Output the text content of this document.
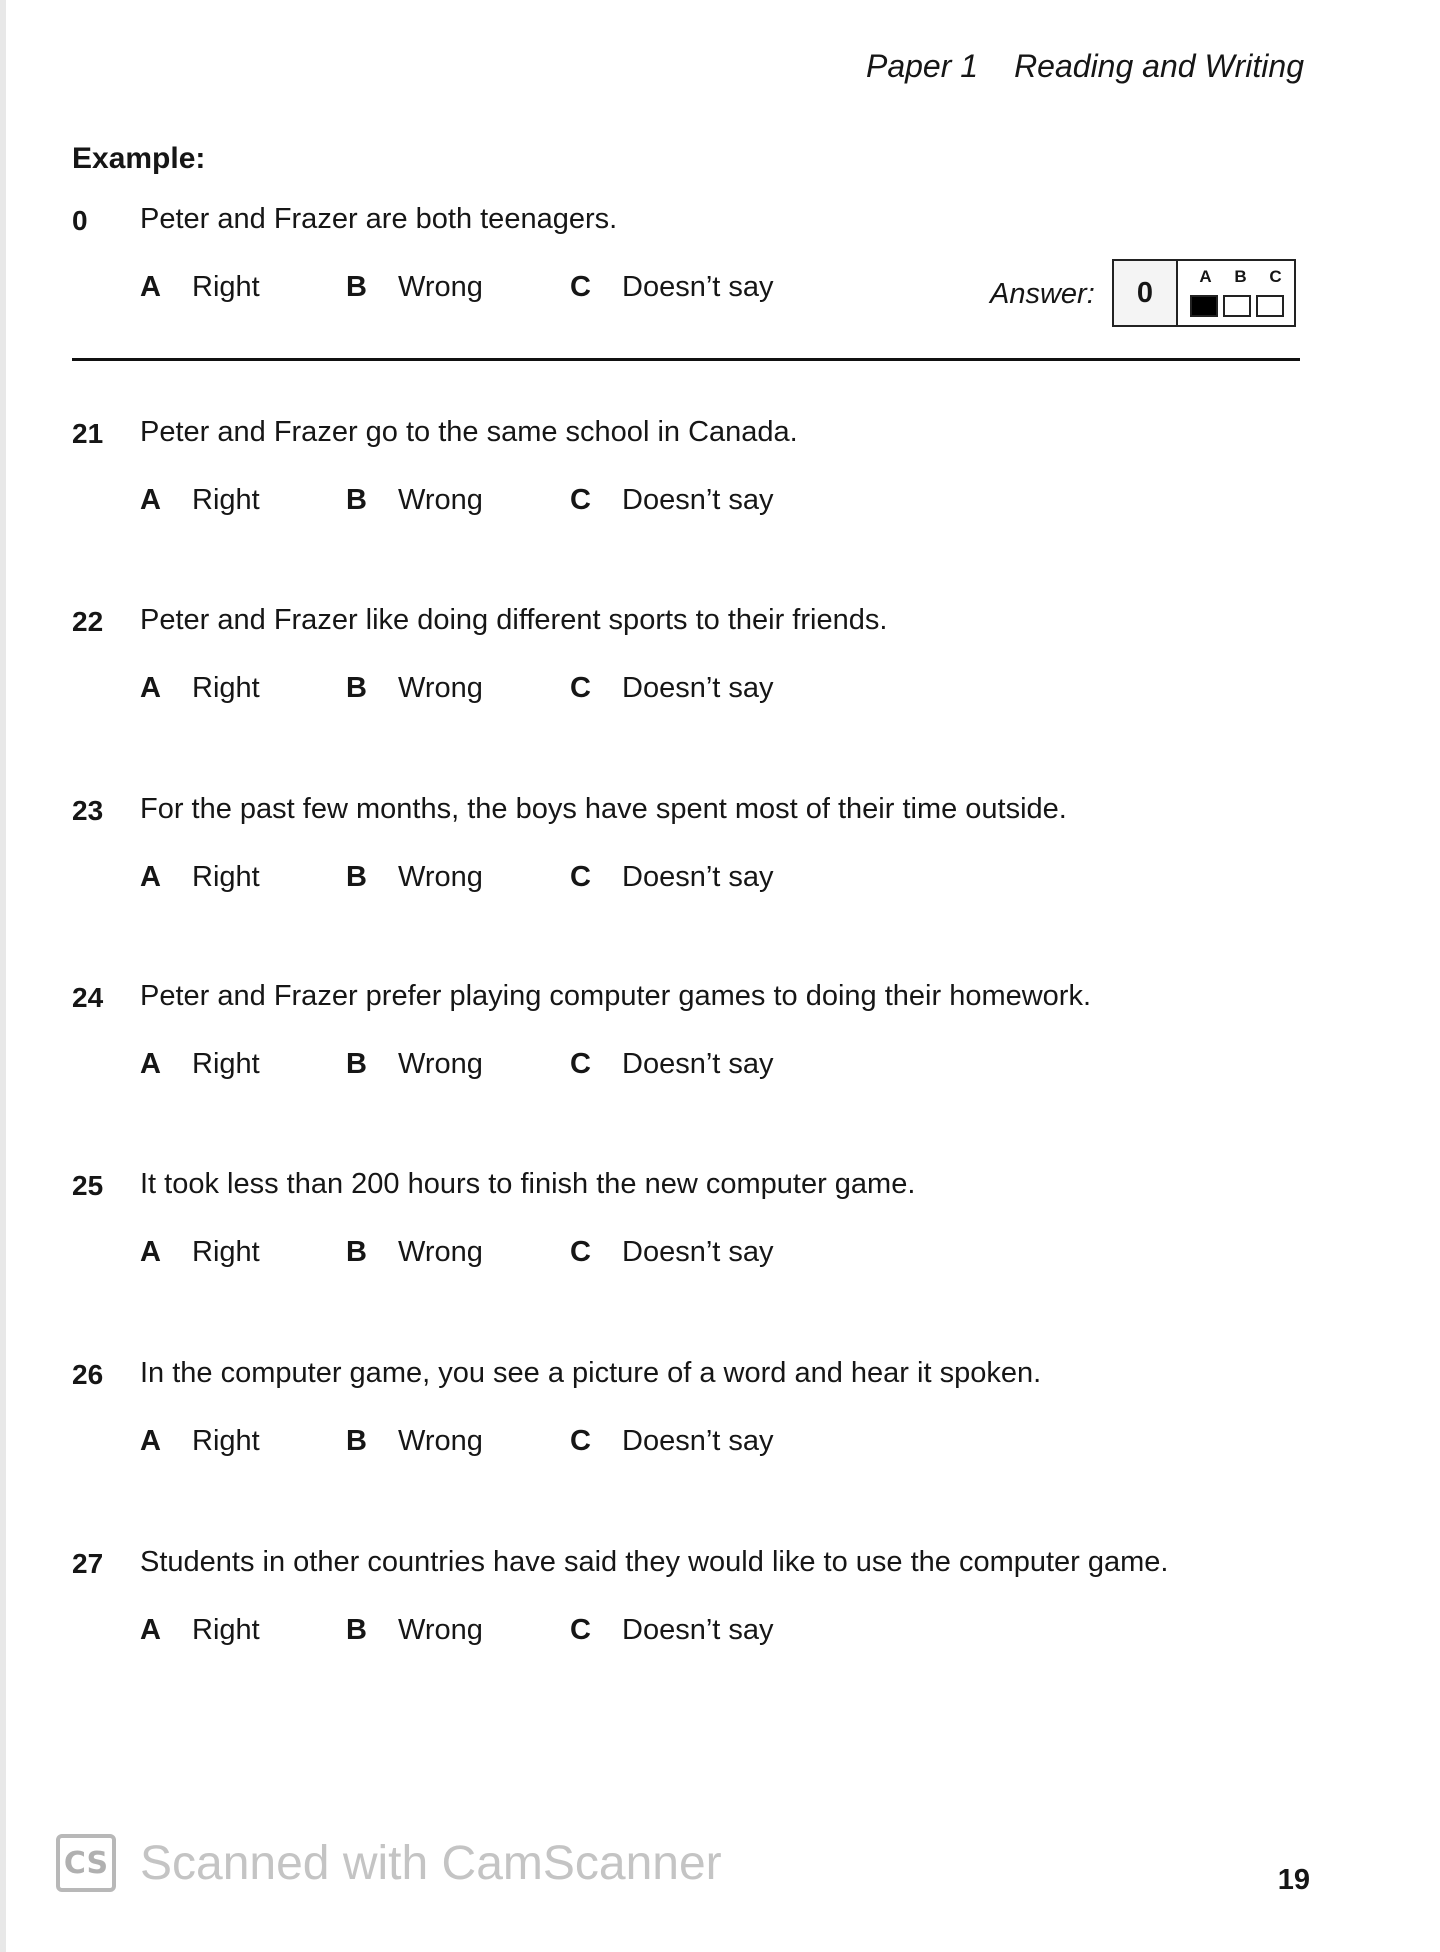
Paper 1 Reading and Writing
Example:
0 Peter and Frazer are both teenagers.
A Right	B Wrong	C Doesn’t say	Answer:	0	A B C
21 Peter and Frazer go to the same school in Canada.
A Right	B Wrong	C Doesn’t say
22 Peter and Frazer like doing different sports to their friends.
A Right	B Wrong	C Doesn’t say
23 For the past few months, the boys have spent most of their time outside.
A Right	B Wrong	C Doesn’t say
24 Peter and Frazer prefer playing computer games to doing their homework.
A Right	B Wrong	C Doesn’t say
25 It took less than 200 hours to finish the new computer game.
A Right	B Wrong	C Doesn’t say
26 In the computer game, you see a picture of a word and hear it spoken.
A Right	B Wrong	C Doesn’t say
27 Students in other countries have said they would like to use the computer game.
A Right	B Wrong	C Doesn’t say
CS Scanned with CamScanner	19
